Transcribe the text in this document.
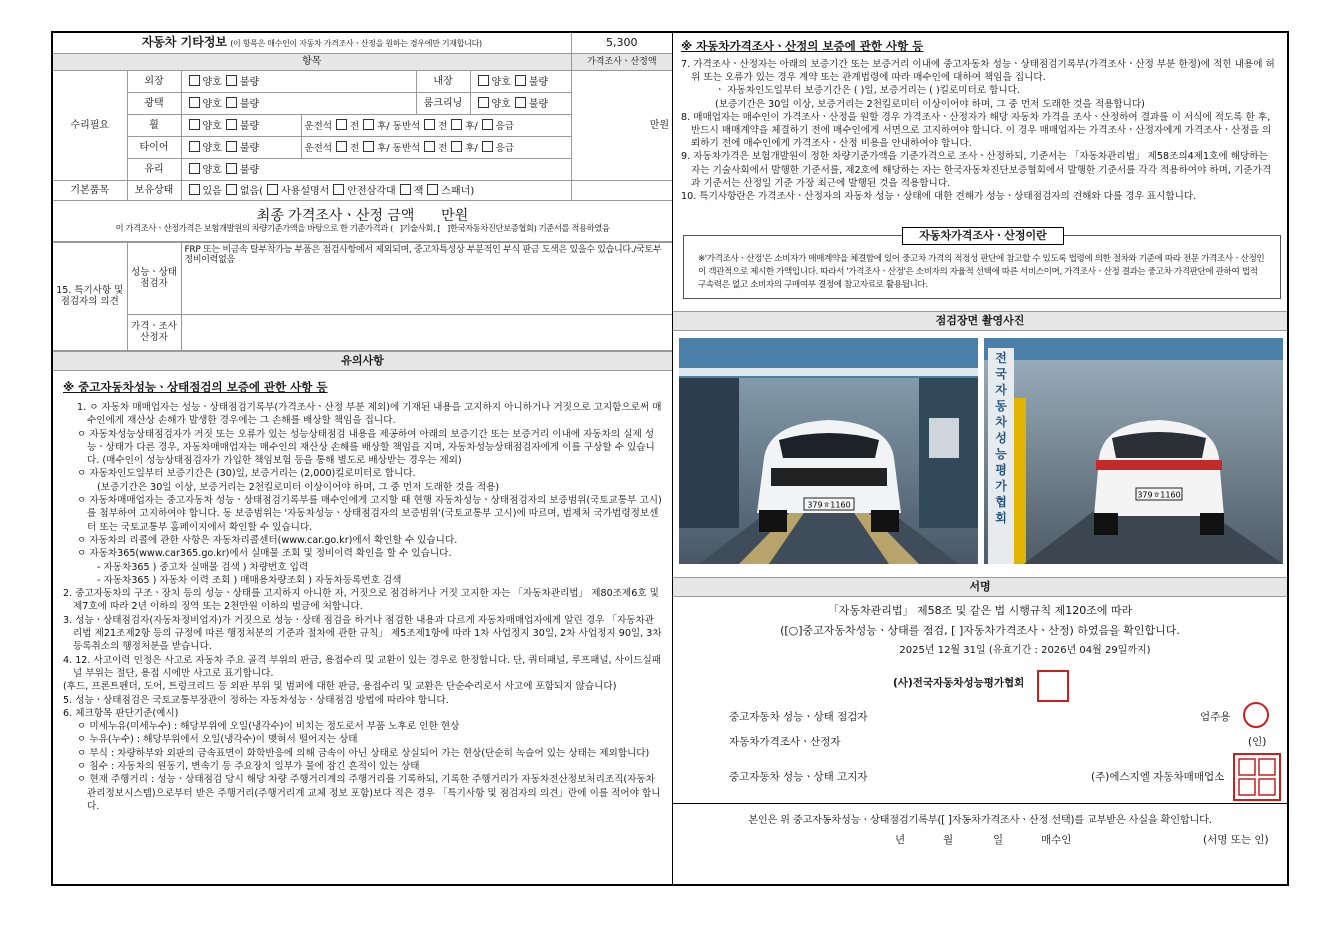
자동차 기타정보 (이 항목은 매수인이 자동차 가격조사ㆍ산정을 원하는 경우에만 기재합니다)						5,300
항목						가격조사ㆍ산정액
수리필요	외장	양호 불량		내장	양호 불량	만원
	광택	양호 불량		룸크리닝	양호 불량	
	휠	양호 불량	운전석 전 후/ 동반석 전 후/ 응급			
	타이어	양호 불량	운전석 전 후/ 동반석 전 후/ 응급			
	유리	양호 불량				
기본품목	보유상태	있음 없음( 사용설명서 안전삼각대 잭 스패너)				

최종 가격조사ㆍ산정 금액 만원
이 가격조사ㆍ산정가격은 보험개발원의 차량기준가액을 바탕으로 한 기준가격과 ( ]기술사회, [ ]한국자동차진단보증협회) 기준서를 적용하였음						
15. 특기사항 및 점검자의 의견	성능ㆍ상태 점검자	FRP 또는 비금속 탈부착가능 부품은 점검사항에서 제외되며, 중고차특성상 부분적인 부식 판금 도색은 있을수 있습니다./국토부정비이력없음
	가격ㆍ조사 산정자	
유의사항
※ 중고자동차성능ㆍ상태점검의 보증에 관한 사항 등

1. ㅇ 자동차 매매업자는 성능ㆍ상태점검기록부(가격조사ㆍ산정 부분 제외)에 기재된 내용을 고지하지 아니하거나 거짓으로 고지함으로써 매수인에게 재산상 손해가 발생한 경우에는 그 손해를 배상할 책임을 집니다.

ㅇ 자동차성능상태점검자가 거짓 또는 오류가 있는 성능상태점검 내용을 제공하여 아래의 보증기간 또는 보증거리 이내에 자동차의 실제 성능ㆍ상태가 다른 경우, 자동차매매업자는 매수인의 재산상 손해를 배상할 책임을 지며, 자동차성능상태점검자에게 이를 구상할 수 있습니다. (매수인이 성능상태점검자가 가입한 책임보험 등을 통해 별도로 배상받는 경우는 제외)

ㅇ 자동차인도일부터 보증기간은 (30)일, 보증거리는 (2,000)킬로미터로 합니다.

(보증기간은 30일 이상, 보증거리는 2천킬로미터 이상이어야 하며, 그 중 먼저 도래한 것을 적용)

ㅇ 자동차매매업자는 중고자동차 성능ㆍ상태점검기록부를 매수인에게 고지할 때 현행 자동차성능ㆍ상태점검자의 보증범위(국토교통부 고시)를 첨부하여 고지하여야 합니다. 동 보증범위는 '자동차성능ㆍ상태점검자의 보증범위'(국토교통부 고시)에 따르며, 법제처 국가법령정보센터 또는 국토교통부 홈페이지에서 확인할 수 있습니다.

ㅇ 자동차의 리콜에 관한 사항은 자동차리콜센터(www.car.go.kr)에서 확인할 수 있습니다.

ㅇ 자동차365(www.car365.go.kr)에서 실매물 조회 및 정비이력 확인을 할 수 있습니다.

- 자동차365 ) 중고차 실매물 검색 ) 차량번호 입력

- 자동차365 ) 자동차 이력 조회 ) 매매용차량조회 ) 자동차등록번호 검색

2. 중고자동차의 구조ㆍ장치 등의 성능ㆍ상태를 고지하지 아니한 자, 거짓으로 점검하거나 거짓 고지한 자는 「자동차관리법」 제80조제6호 및 제7호에 따라 2년 이하의 징역 또는 2천만원 이하의 벌금에 처합니다.

3. 성능ㆍ상태점검자(자동차정비업자)가 거짓으로 성능ㆍ상태 점검을 하거나 점검한 내용과 다르게 자동차매매업자에게 알린 경우 「자동차관리법 제21조제2항 등의 규정에 따른 행정처분의 기준과 절차에 관한 규칙」 제5조제1항에 따라 1차 사업정지 30일, 2차 사업정지 90일, 3차 등록취소의 행정처분을 받습니다.

4. 12. 사고이력 인정은 사고로 자동차 주요 골격 부위의 판금, 용접수리 및 교환이 있는 경우로 한정합니다. 단, 쿼터패널, 루프패널, 사이드실패널 부위는 절단, 용접 시에만 사고로 표기합니다.

(후드, 프론트펜더, 도어, 트렁크리드 등 외판 부위 및 범퍼에 대한 판금, 용접수리 및 교환은 단순수리로서 사고에 포함되지 않습니다)

5. 성능ㆍ상태점검은 국토교통부장관이 정하는 자동차성능ㆍ상태점검 방법에 따라야 합니다.

6. 체크항목 판단기준(예시)

ㅇ 미세누유(미세누수) : 해당부위에 오일(냉각수)이 비치는 정도로서 부품 노후로 인한 현상

ㅇ 누유(누수) : 해당부위에서 오일(냉각수)이 맺혀서 떨어지는 상태

ㅇ 부식 : 차량하부와 외판의 금속표면이 화학반응에 의해 금속이 아닌 상태로 상실되어 가는 현상(단순히 녹슬어 있는 상태는 제외합니다)

ㅇ 침수 : 자동차의 원동기, 변속기 등 주요장치 일부가 물에 잠긴 흔적이 있는 상태

ㅇ 현재 주행거리 : 성능ㆍ상태점검 당시 해당 차량 주행거리계의 주행거리를 기록하되, 기록한 주행거리가 자동차전산정보처리조직(자동차관리정보시스템)으로부터 받은 주행거리(주행거리계 교체 정보 포함)보다 적은 경우 「특기사항 및 점검자의 의견」란에 이를 적어야 합니다.

※ 자동차가격조사ㆍ산정의 보증에 관한 사항 등

7. 가격조사ㆍ산정자는 아래의 보증기간 또는 보증거리 이내에 중고자동차 성능ㆍ상태점검기록부(가격조사ㆍ산정 부분 한정)에 적힌 내용에 허위 또는 오류가 있는 경우 계약 또는 관계법령에 따라 매수인에 대하여 책임을 집니다.

ㆍ 자동차인도일부터 보증기간은 ( )일, 보증거리는 ( )킬로미터로 합니다.

(보증기간은 30일 이상, 보증거리는 2천킬로미터 이상이어야 하며, 그 중 먼저 도래한 것을 적용합니다)

8. 매매업자는 매수인이 가격조사ㆍ산정을 원할 경우 가격조사ㆍ산정자가 해당 자동차 가격을 조사ㆍ산정하여 결과를 이 서식에 적도록 한 후, 반드시 매매계약을 체결하기 전에 매수인에게 서면으로 고지하여야 합니다. 이 경우 매매업자는 가격조사ㆍ산정자에게 가격조사ㆍ산정을 의뢰하기 전에 매수인에게 가격조사ㆍ산정 비용을 안내하여야 합니다.

9. 자동차가격은 보험개발원이 정한 차량기준가액을 기준가격으로 조사ㆍ산정하되, 기준서는 「자동차관리법」 제58조의4제1호에 해당하는 자는 기술사회에서 발행한 기준서를, 제2호에 해당하는 자는 한국자동차진단보증협회에서 발행한 기준서를 각각 적용하여야 하며, 기준가격과 기준서는 산정일 기준 가장 최근에 발행된 것을 적용합니다.

10. 특기사항란은 가격조사ㆍ산정자의 자동차 성능ㆍ상태에 대한 견해가 성능ㆍ상태점검자의 견해와 다를 경우 표시합니다.

자동차가격조사ㆍ산정이란
※'가격조사ㆍ산정'은 소비자가 매매계약을 체결함에 있어 중고차 가격의 적정성 판단에 참고할 수 있도록 법령에 의한 절차와 기준에 따라 전문 가격조사ㆍ산정인이 객관적으로 제시한 가액입니다. 따라서 '가격조사ㆍ산정'은 소비자의 자율적 선택에 따른 서비스이며, 가격조사ㆍ산정 결과는 중고차 가격판단에 관하여 법적 구속력은 없고 소비자의 구매여부 결정에 참고자료로 활용됩니다.
점검장면 촬영사진
379ㅎ1160
전
국
자
동
차
성
능
평
가
협
회
379ㅎ1160
서명
「자동차관리법」 제58조 및 같은 법 시행규칙 제120조에 따라
([○]중고자동차성능ㆍ상태를 점검, [ ]자동차가격조사ㆍ산정) 하였음을 확인합니다.
2025년 12월 31일 (유효기간 : 2026년 04월 29일까지)
(사)전국자동차성능평가협회
중고자동차 성능ㆍ상태 점검자	엄주용
자동차가격조사ㆍ산정자	(인)
중고자동차 성능ㆍ상태 고지자	(주)에스지엘 자동차매매업소
본인은 위 중고자동차성능ㆍ상태점검기록부([ ]자동차가격조사ㆍ산정 선택)를 교부받은 사실을 확인합니다.
년	월	일	매수인	(서명 또는 인)
